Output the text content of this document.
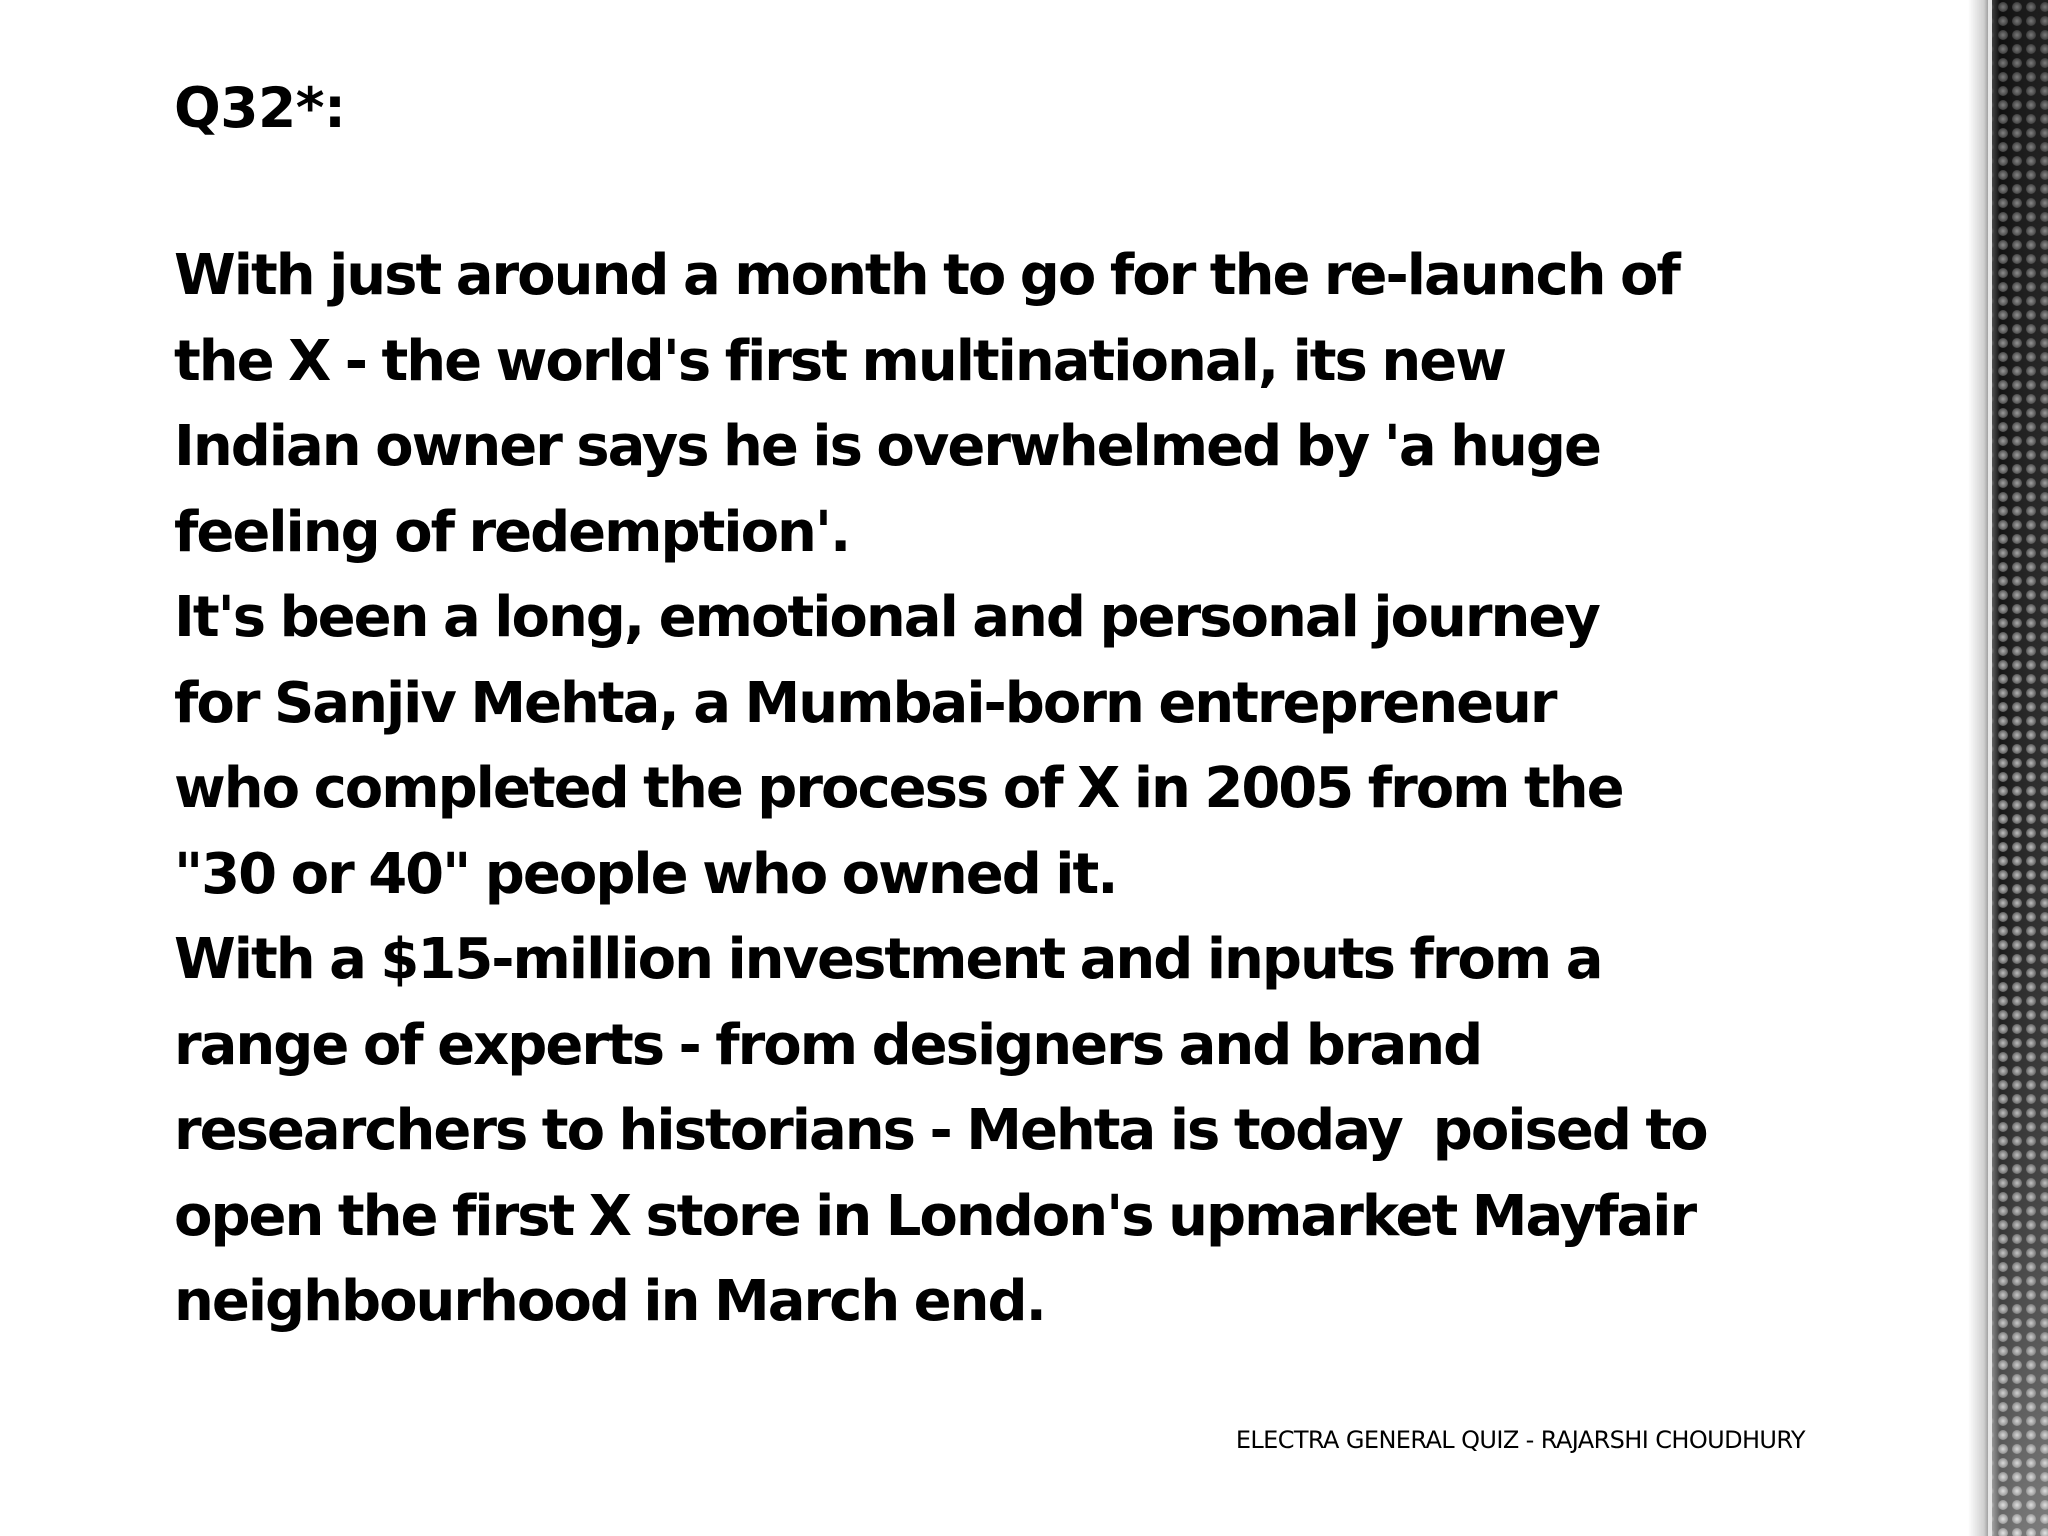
Q32*:
With just around a month to go for the re-launch of
the X - the world's first multinational, its new
Indian owner says he is overwhelmed by 'a huge
feeling of redemption'.
It's been a long, emotional and personal journey
for Sanjiv Mehta, a Mumbai-born entrepreneur
who completed the process of X in 2005 from the
"30 or 40" people who owned it.
With a $15-million investment and inputs from a
range of experts - from designers and brand
researchers to historians - Mehta is today  poised to
open the first X store in London's upmarket Mayfair
neighbourhood in March end.
ELECTRA GENERAL QUIZ - RAJARSHI CHOUDHURY
